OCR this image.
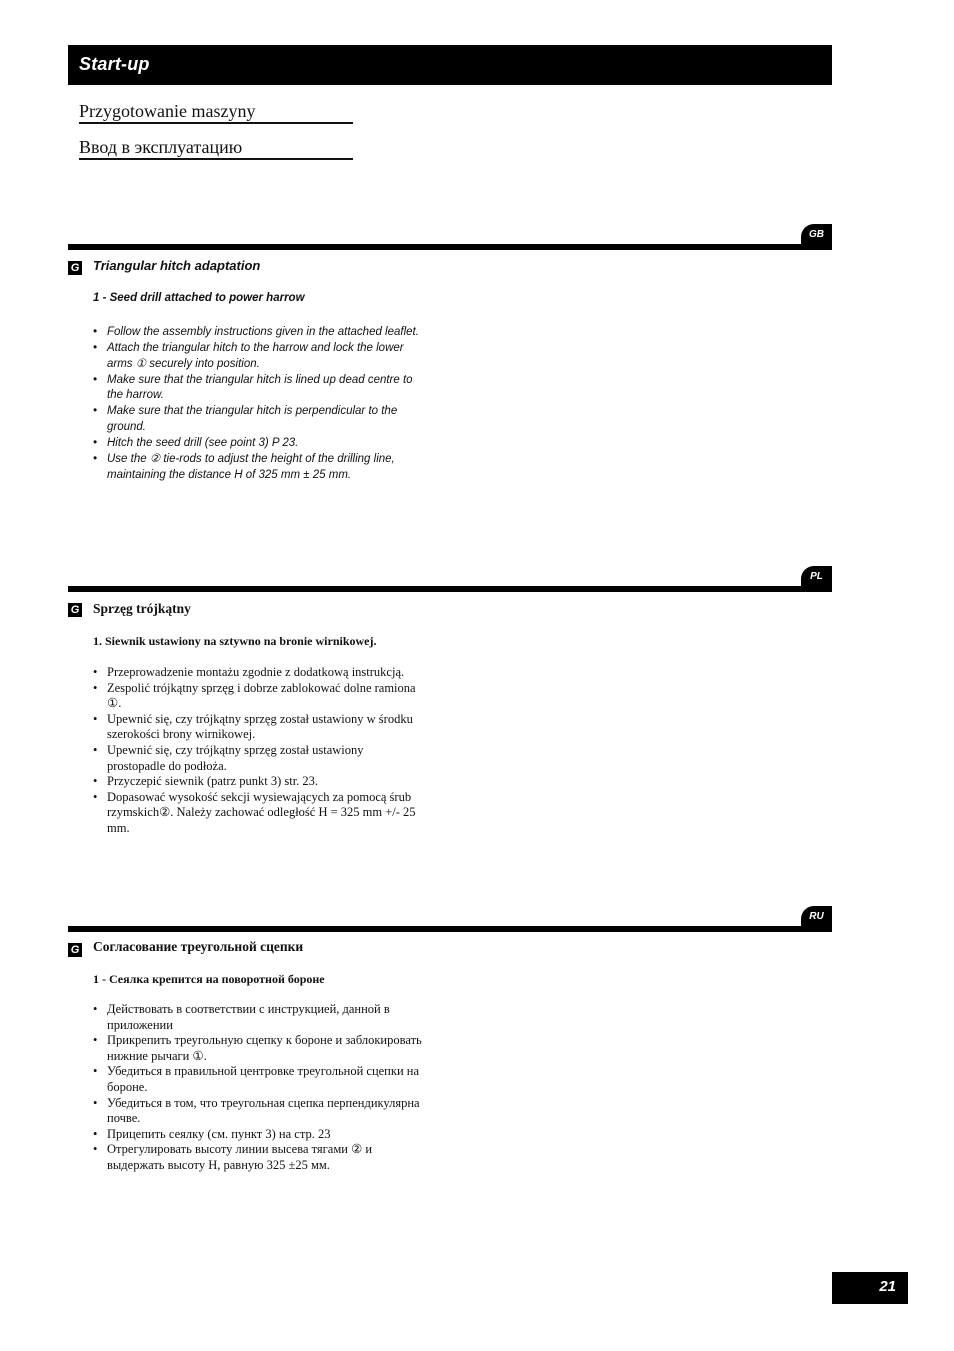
Start-up
Przygotowanie maszyny
Ввод в эксплуатацию
GB
G Triangular hitch adaptation
1 - Seed drill attached to power harrow
• Follow the assembly instructions given in the attached leaflet.
• Attach the triangular hitch to the harrow and lock the lower arms ① securely into position.
• Make sure that the triangular hitch is lined up dead centre to the harrow.
• Make sure that the triangular hitch is perpendicular to the ground.
• Hitch the seed drill (see point 3) P 23.
• Use the ② tie-rods to adjust the height of the drilling line, maintaining the distance H of 325 mm ± 25 mm.
PL
G Sprzęg trójkątny
1. Siewnik ustawiony na sztywno na bronie wirnikowej.
• Przeprowadzenie montażu zgodnie z dodatkową instrukcją.
• Zespolić trójkątny sprzęg i dobrze zablokować dolne ramiona ①.
• Upewnić się, czy trójkątny sprzęg został ustawiony w środku szerokości brony wirnikowej.
• Upewnić się, czy trójkątny sprzęg został ustawiony prostopadle do podłoża.
• Przyczepić siewnik (patrz punkt 3) str. 23.
• Dopasować wysokość sekcji wysiewających za pomocą śrub rzymskich②. Należy zachować odległość H = 325 mm +/- 25 mm.
RU
G Согласование треугольной сцепки
1 - Сеялка крепится на поворотной бороне
• Действовать в соответствии с инструкцией, данной в приложении
• Прикрепить треугольную сцепку к бороне и заблокировать нижние рычаги ①.
• Убедиться в правильной центровке треугольной сцепки на бороне.
• Убедиться в том, что треугольная сцепка перпендикулярна почве.
• Прицепить сеялку (см. пункт 3) на стр. 23
• Отрегулировать высоту линии высева тягами ② и выдержать высоту H, равную 325 ±25 мм.
21
